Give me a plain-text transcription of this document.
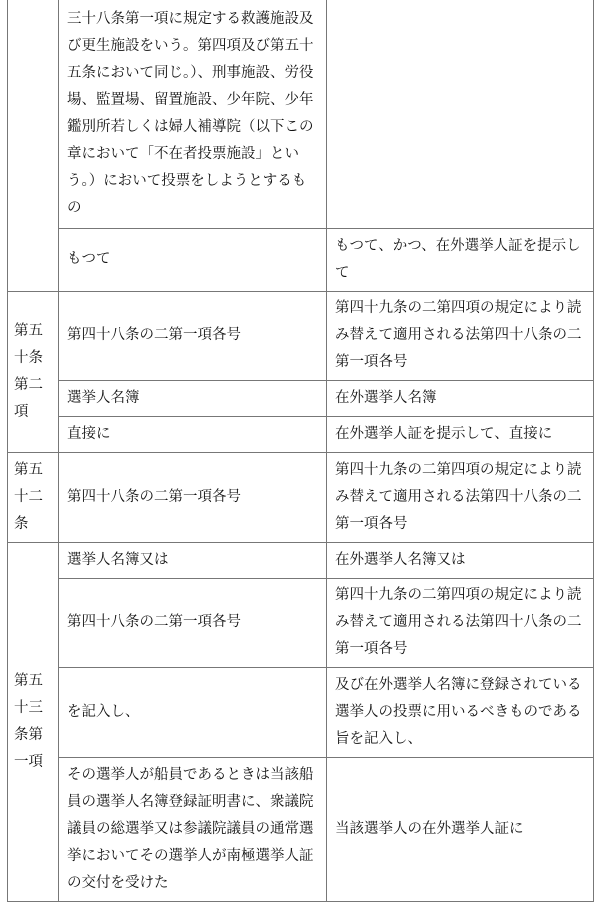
	三十八条第一項に規定する救護施設及び更生施設をいう。第四項及び第五十五条において同じ。）、刑事施設、労役場、監置場、留置施設、少年院、少年鑑別所若しくは婦人補導院（以下この章において「不在者投票施設」という。）において投票をしようとするもの	

	もつて	もつて、かつ、在外選挙人証を提示して

第五十条第二項	第四十八条の二第一項各号	第四十九条の二第四項の規定により読み替えて適用される法第四十八条の二第一項各号

	選挙人名簿	在外選挙人名簿

	直接に	在外選挙人証を提示して、直接に

第五十二条	第四十八条の二第一項各号	第四十九条の二第四項の規定により読み替えて適用される法第四十八条の二第一項各号

第五十三条第一項	選挙人名簿又は	在外選挙人名簿又は

	第四十八条の二第一項各号	第四十九条の二第四項の規定により読み替えて適用される法第四十八条の二第一項各号

	を記入し、	及び在外選挙人名簿に登録されている選挙人の投票に用いるべきものである旨を記入し、

	その選挙人が船員であるときは当該船員の選挙人名簿登録証明書に、衆議院議員の総選挙又は参議院議員の通常選挙においてその選挙人が南極選挙人証の交付を受けた	当該選挙人の在外選挙人証に
